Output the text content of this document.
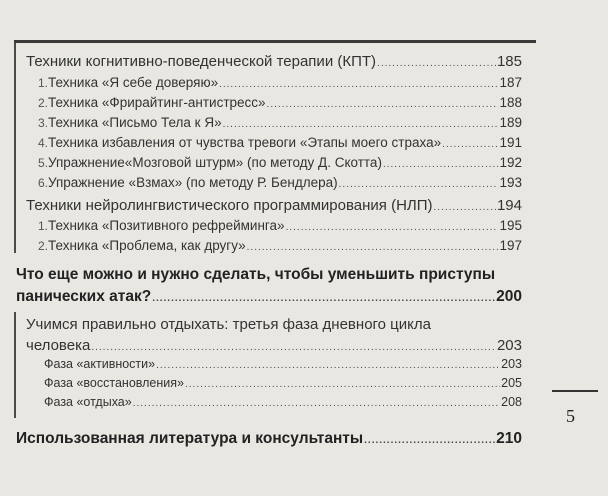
Техники когнитивно-поведенческой терапии (КПТ) .....	185
1. Техника «Я себе доверяю» .....	187
2. Техника «Фрирайтинг-антистресс» .....	188
3. Техника «Письмо Тела к Я» .....	189
4. Техника избавления от чувства тревоги «Этапы моего страха» .....	191
5. Упражнение«Мозговой штурм» (по методу Д. Скотта) .....	192
6. Упражнение «Взмах» (по методу Р. Бендлера) .....	193
Техники нейролингвистического программирования (НЛП) .....	194
1. Техника «Позитивного рефрейминга» .....	195
2. Техника «Проблема, как другу» .....	197
Что еще можно и нужно сделать, чтобы уменьшить приступы
панических атак? .....	200
Учимся правильно отдыхать: третья фаза дневного цикла
человека .....	203
Фаза «активности» .....	203
Фаза «восстановления» .....	205
Фаза «отдыха» .....	208
Использованная литература и консультанты .....	210
5
